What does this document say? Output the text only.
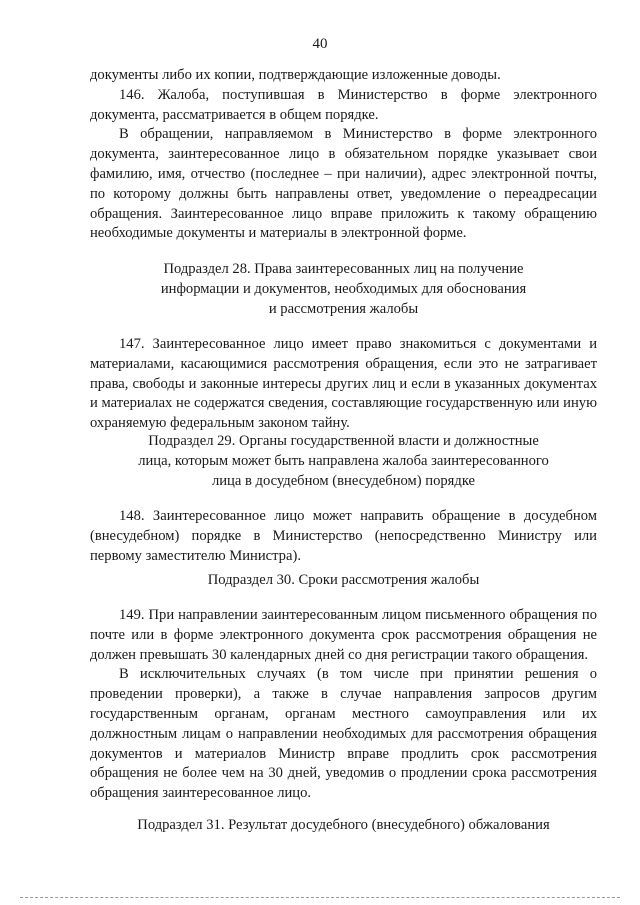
40

документы либо их копии, подтверждающие изложенные доводы.

146. Жалоба, поступившая в Министерство в форме электронного документа, рассматривается в общем порядке.

В обращении, направляемом в Министерство в форме электронного документа, заинтересованное лицо в обязательном порядке указывает свои фамилию, имя, отчество (последнее – при наличии), адрес электронной почты, по которому должны быть направлены ответ, уведомление о переадресации обращения. Заинтересованное лицо вправе приложить к такому обращению необходимые документы и материалы в электронной форме.

Подраздел 28. Права заинтересованных лиц на получение
информации и документов, необходимых для обоснования
и рассмотрения жалобы

147. Заинтересованное лицо имеет право знакомиться с документами и материалами, касающимися рассмотрения обращения, если это не затрагивает права, свободы и законные интересы других лиц и если в указанных документах и материалах не содержатся сведения, составляющие государственную или иную охраняемую федеральным законом тайну.

Подраздел 29. Органы государственной власти и должностные
лица, которым может быть направлена жалоба заинтересованного
лица в досудебном (внесудебном) порядке

148. Заинтересованное лицо может направить обращение в досудебном (внесудебном) порядке в Министерство (непосредственно Министру или первому заместителю Министра).

Подраздел 30. Сроки рассмотрения жалобы

149. При направлении заинтересованным лицом письменного обращения по почте или в форме электронного документа срок рассмотрения обращения не должен превышать 30 календарных дней со дня регистрации такого обращения.

В исключительных случаях (в том числе при принятии решения о проведении проверки), а также в случае направления запросов другим государственным органам, органам местного самоуправления или их должностным лицам о направлении необходимых для рассмотрения обращения документов и материалов Министр вправе продлить срок рассмотрения обращения не более чем на 30 дней, уведомив о продлении срока рассмотрения обращения заинтересованное лицо.

Подраздел 31. Результат досудебного (внесудебного) обжалования
